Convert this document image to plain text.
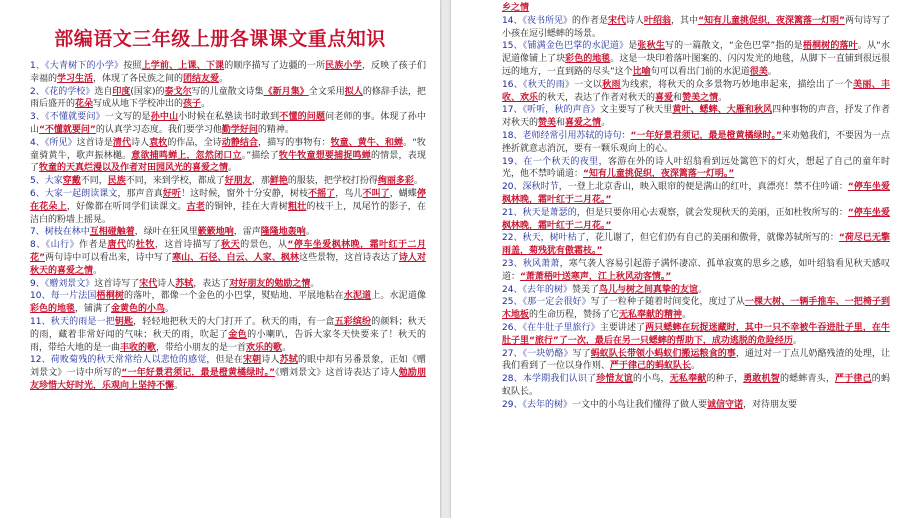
部编语文三年级上册各课课文重点知识

1、《大青树下的小学》按照上学前、上课、下课的顺序描写了边疆的一所民族小学，反映了孩子们幸福的学习生活，体现了各民族之间的团结友爱。

2、《花的学校》选自印度(国家)的泰戈尔写的儿童散文诗集《新月集》全文采用拟人的修辞手法，把雨后盛开的花朵写成从地下学校冲出的孩子。

3、《不懂就要问》一文写的是孙中山小时候在私塾读书时敢到不懂的问题问老师的事。体现了孙中山“不懂就要问”的认真学习态度。我们要学习他勤学好问的精神。

4、《所见》这首诗是清代诗人袁枚的作品，全诗动静结合，描写的事物有：牧童、黄牛、和蝉。“牧童骑黄牛，歌声振林樾。意欲捕鸣蝉上，忽然闭口立。”描绘了牧牛牧童想要捕捉鸣蝉的情景，表现了牧童的天真烂漫以及作者对田园风光的喜爱之情。

5、大家穿戴不同，民族不同，来到学校，都成了好朋友，那鲜艳的服装，把学校打扮得绚丽多彩。

6、大家一起朗读课文，那声音真好听！这时候，窗外十分安静，树枝不摇了，鸟儿不叫了，蝴蝶停在花朵上，好像都在听同学们读课文。古老的铜钟，挂在大青树粗壮的枝干上，凤尾竹的影子，在洁白的粉墙上摇晃。

7、树枝在林中互相碰触着，绿叶在狂风里簌簌地响，雷声隆隆地轰响。

8、《山行》作者是唐代的杜牧，这首诗描写了秋天的景色，从“停车坐爱枫林晚，霜叶红于二月花”两句诗中可以看出来，诗中写了寒山、石径、白云、人家、枫林这些景物，这首诗表达了诗人对秋天的喜爱之情。

9、《赠刘景文》这首诗写了宋代诗人苏轼，表达了对好朋友的勉励之情。

10、每一片法国梧桐树的落叶，都像一个金色的小巴掌，熨贴地、平展地粘在水泥道上。水泥道像彩色的地毯，铺满了金黄色的小鸟。

11、秋天的雨是一把钥匙，轻轻地把秋天的大门打开了。秋天的雨，有一盒五彩缤纷的颜料；秋天的雨，藏着非常好闻的气味；秋天的雨，吹起了金色的小喇叭，告诉大家冬天快要来了！秋天的雨，带给大地的是一曲丰收的歌，带给小朋友的是一首欢乐的歌。

12、荷败菊残的秋天常常给人以悲怆的感觉，但是在宋朝诗人苏轼的眼中却有另番景象，正如《赠刘景文》一诗中所写的“一年好景君须记，最是橙黄橘绿时。”《赠刘景文》这首诗表达了诗人勉励朋友珍惜大好时光，乐观向上坚持不懈。

乡之情

14、《夜书所见》的作者是宋代诗人叶绍翁，其中“知有儿童挑促织，夜深篱落一灯明”两句诗写了小孩在逗引蟋蟀的场景。

15、《铺满金色巴掌的水泥道》是张秋生写的一篇散文，“金色巴掌”指的是梧桐树的落叶。从“水泥道像铺上了块彩色的地毯。这是一块印着落叶图案的、闪闪发光的地毯，从脚下一直铺到很远很远的地方，一直到路的尽头”这个比喻句可以看出门前的水泥道很美。

16、《秋天的雨》一文以秋雨为线索，将秋天的众多景物巧妙地串起来，描绘出了一个美丽、丰收、欢乐的秋天，表达了作者对秋天的喜爱和赞美之情。

17、《听听，秋的声音》文主要写了秋天里黄叶、蟋蟀、大雁和秋风四种事物的声音，抒发了作者对秋天的赞美和喜爱之情。

18、老师经常引用苏轼的诗句：“一年好景君须记，最是橙黄橘绿时。”来劝勉我们，不要因为一点挫折就意志消沉，要有一颗乐观向上的心。

19、在一个秋天的夜里，客游在外的诗人叶绍翁看到远处篱笆下的灯火，想起了自己的童年时光，他不禁吟诵道：“知有儿童挑促织，夜深篱落一灯明。”

20、深秋时节，一登上北京香山，映入眼帘的便是满山的红叶，真漂亮！禁不住吟诵：“停车坐爱枫林晚，霜叶红于二月花。”

21、秋天是萧瑟的，但是只要你用心去观察，就会发现秋天的美丽，正如杜牧所写的：“停车坐爱枫林晚，霜叶红于二月花。”

22、秋天，树叶枯了，花儿谢了，但它们仍有自己的美丽和傲骨，就像苏轼所写的：“荷尽已无擎雨盖，菊残犹有傲霜枝。”

23、秋风萧萧，寒气袭人容易引起游子满怀凄凉、孤单寂寞的思乡之感，如叶绍翁看见秋天感叹道：“萧萧梧叶送寒声，江上秋风动客情。”

24、《去年的树》赞美了鸟儿与树之间真挚的友谊。

25、《那一定会很好》写了一粒种子随着时间变化，度过了从一棵大树、一辆手推车、一把椅子到木地板的生命历程，赞扬了它无私奉献的精神。

26、《在牛肚子里旅行》主要讲述了两只蟋蟀在玩捉迷藏时，其中一只不幸被牛吞进肚子里，在牛肚子里“旅行”了一次，最后在另一只蟋蟀的帮助下，成功逃脱的危险经历。

27、《一块奶酪》写了蚂蚁队长带领小蚂蚁们搬运粮食的事，通过对一丁点儿奶酪残渣的处理，让我们看到了一位以身作则、严于律己的蚂蚁队长。

28、本学期我们认识了珍惜友谊的小鸟，无私奉献的种子，勇敢机智的蟋蟀青头，严于律己的蚂蚁队长。

29、《去年的树》一文中的小鸟让我们懂得了做人要诚信守诺，对待朋友要
